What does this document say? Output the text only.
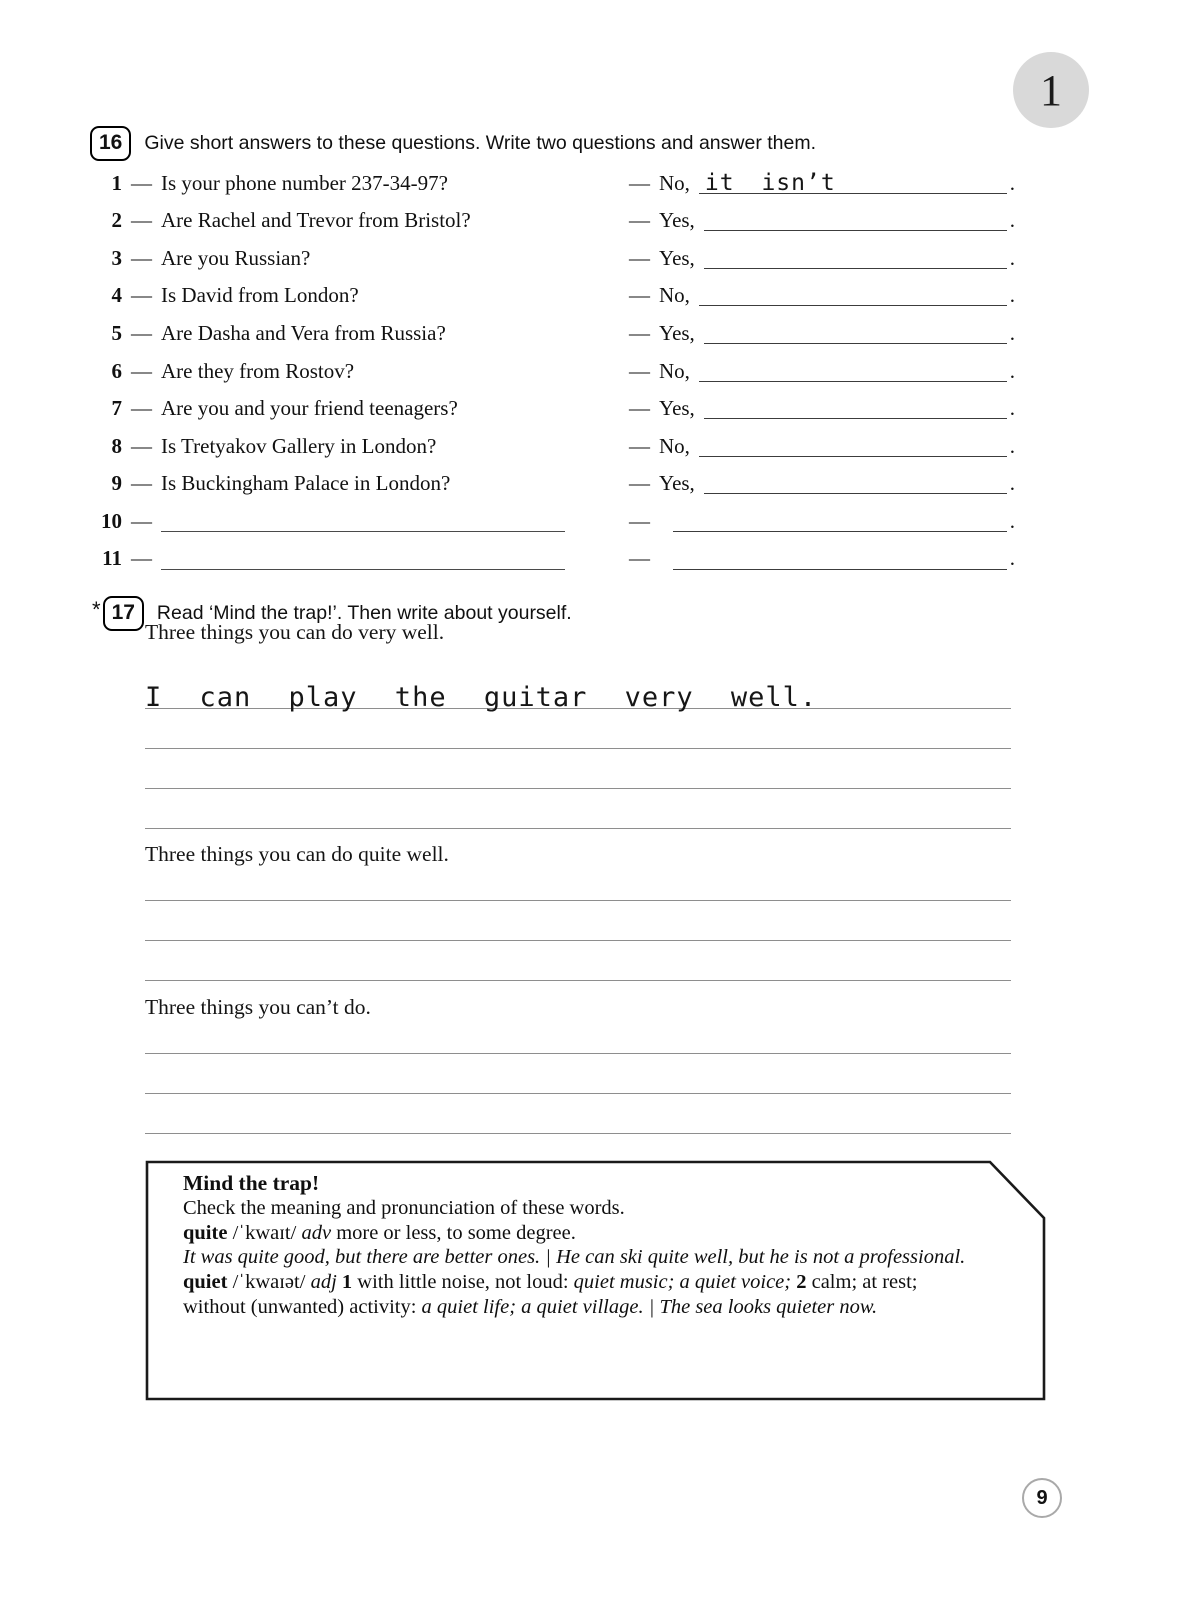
1
16	Give short answers to these questions. Write two questions and answer them.
1 — Is your phone number 237-34-97?	— No, it isn’t	.
2 — Are Rachel and Trevor from Bristol?	— Yes,	.
3 — Are you Russian?	— Yes,	.
4 — Is David from London?	— No,	.
5 — Are Dasha and Vera from Russia?	— Yes,	.
6 — Are they from Rostov?	— No,	.
7 — Are you and your friend teenagers?	— Yes,	.
8 — Is Tretyakov Gallery in London?	— No,	.
9 — Is Buckingham Palace in London?	— Yes,	.
10 —	—	.
11 —	—	.
* 17	Read ‘Mind the trap!’. Then write about yourself.
Three things you can do very well.
I can play the guitar very well.
Three things you can do quite well.
Three things you can’t do.
Mind the trap!
Check the meaning and pronunciation of these words.
quite /ˈkwaɪt/ adv more or less, to some degree.
It was quite good, but there are better ones. | He can ski quite well, but he is not a professional.
quiet /ˈkwaɪət/ adj 1 with little noise, not loud: quiet music; a quiet voice; 2 calm; at rest; without (unwanted) activity: a quiet life; a quiet village. | The sea looks quieter now.
9
